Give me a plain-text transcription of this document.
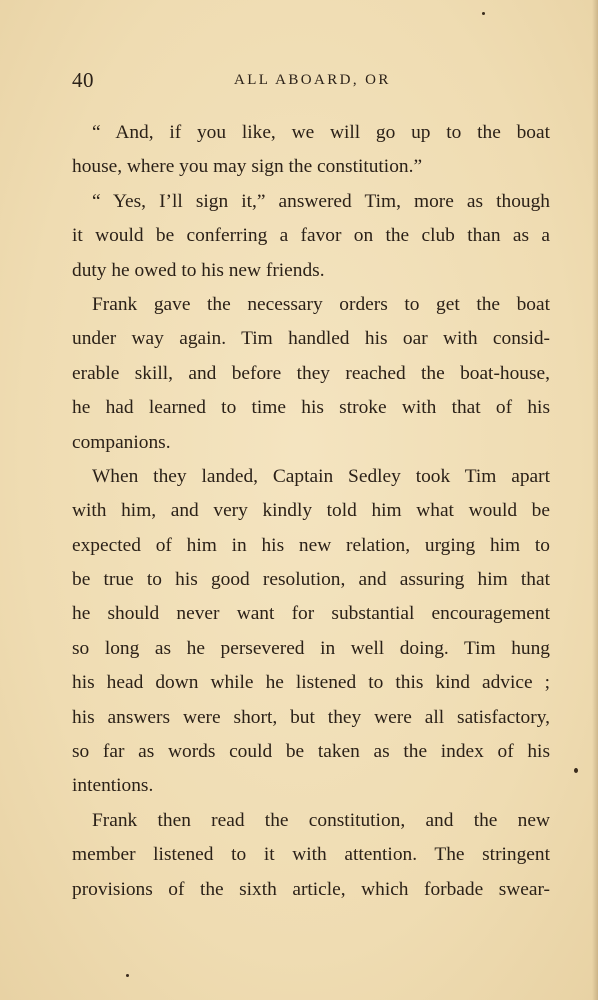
40	ALL ABOARD, OR
“ And, if you like, we will go up to the boat
house, where you may sign the constitution.”
“ Yes, I’ll sign it,” answered Tim, more as though
it would be conferring a favor on the club than as a
duty he owed to his new friends.
Frank gave the necessary orders to get the boat
under way again. Tim handled his oar with consid-
erable skill, and before they reached the boat-house,
he had learned to time his stroke with that of his
companions.
When they landed, Captain Sedley took Tim apart
with him, and very kindly told him what would be
expected of him in his new relation, urging him to
be true to his good resolution, and assuring him that
he should never want for substantial encouragement
so long as he persevered in well doing. Tim hung
his head down while he listened to this kind advice ;
his answers were short, but they were all satisfactory,
so far as words could be taken as the index of his
intentions.
Frank then read the constitution, and the new
member listened to it with attention. The stringent
provisions of the sixth article, which forbade swear-
